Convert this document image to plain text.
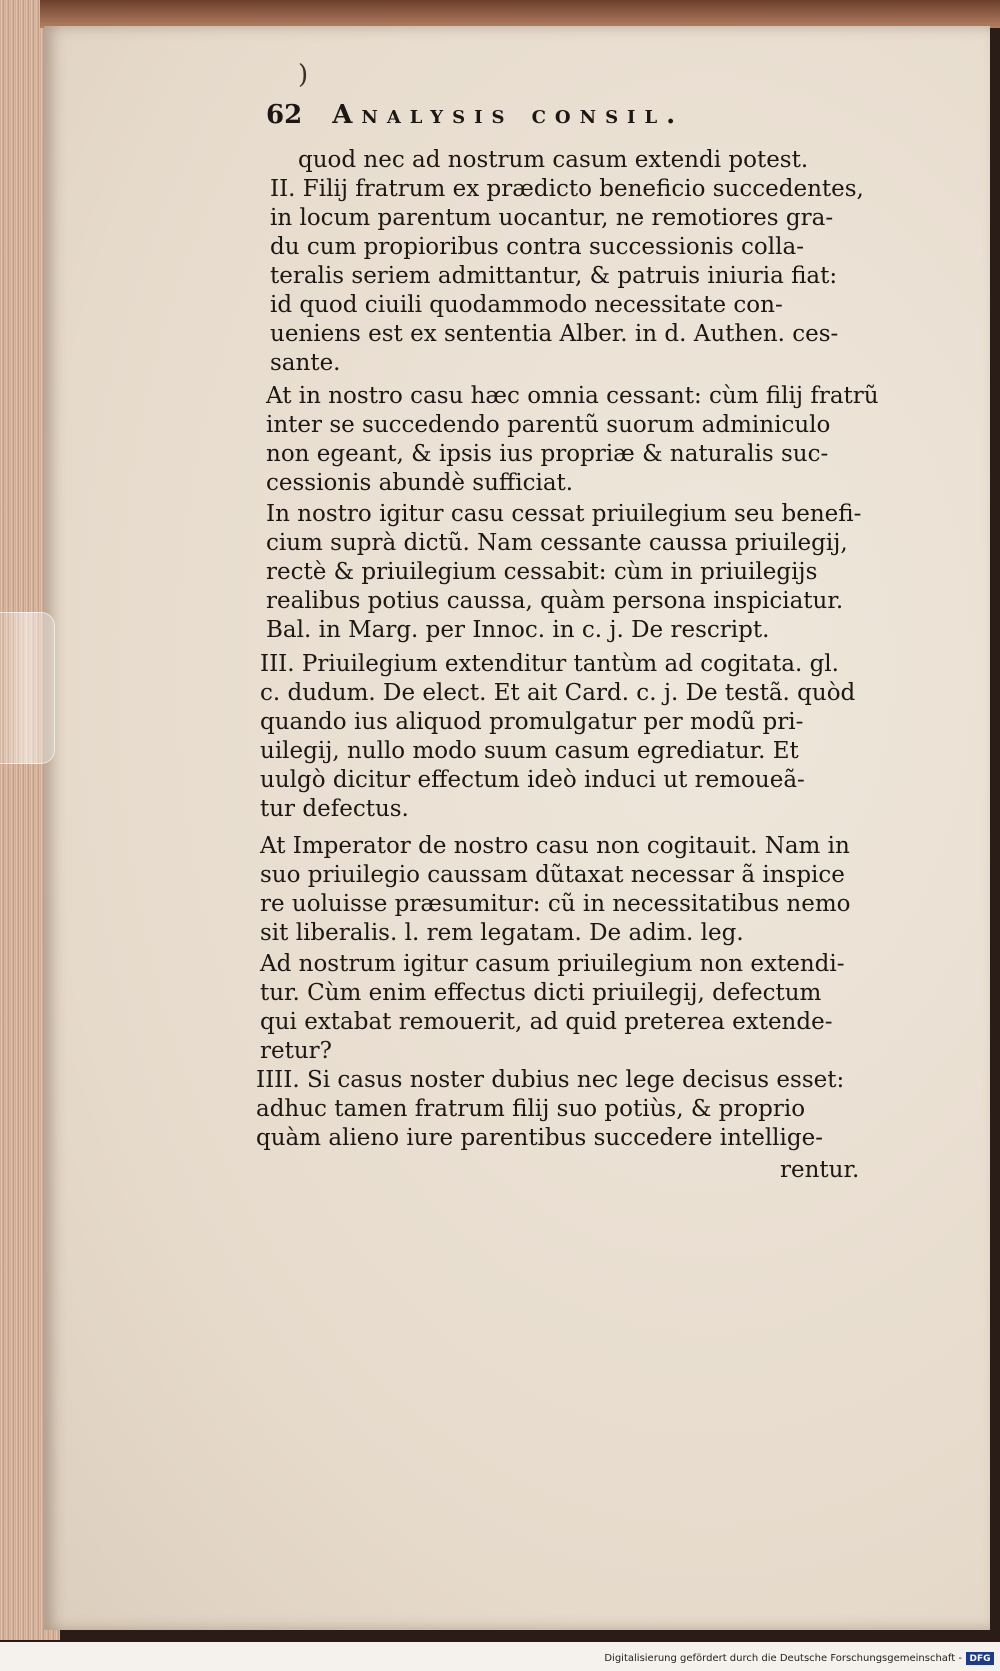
)
62 Analysis consil.
quod nec ad nostrum casum extendi potest.
II. Filij fratrum ex prædicto beneficio succedentes,
in locum parentum uocantur, ne remotiores gra-
du cum propioribus contra successionis colla-
teralis seriem admittantur, & patruis iniuria fiat:
id quod ciuili quodammodo necessitate con-
ueniens est ex sententia Alber. in d. Authen. ces-
sante.
At in nostro casu hæc omnia cessant: cùm filij fratrũ
inter se succedendo parentũ suorum adminiculo
non egeant, & ipsis ius propriæ & naturalis suc-
cessionis abundè sufficiat.
In nostro igitur casu cessat priuilegium seu benefi-
cium suprà dictũ. Nam cessante caussa priuilegij,
rectè & priuilegium cessabit: cùm in priuilegijs
realibus potius caussa, quàm persona inspiciatur.
Bal. in Marg. per Innoc. in c. j. De rescript.
III. Priuilegium extenditur tantùm ad cogitata. gl.
c. dudum. De elect. Et ait Card. c. j. De testã. quòd
quando ius aliquod promulgatur per modũ pri-
uilegij, nullo modo suum casum egrediatur. Et
uulgò dicitur effectum ideò induci ut remoueã-
tur defectus.
At Imperator de nostro casu non cogitauit. Nam in
suo priuilegio caussam dũtaxat necessar ã inspice
re uoluisse præsumitur: cũ in necessitatibus nemo
sit liberalis. l. rem legatam. De adim. leg.
Ad nostrum igitur casum priuilegium non extendi-
tur. Cùm enim effectus dicti priuilegij, defectum
qui extabat remouerit, ad quid preterea extende-
retur?
IIII. Si casus noster dubius nec lege decisus esset:
adhuc tamen fratrum filij suo potiùs, & proprio
quàm alieno iure parentibus succedere intellige-
rentur.
Digitalisierung gefördert durch die Deutsche Forschungsgemeinschaft - DFG
